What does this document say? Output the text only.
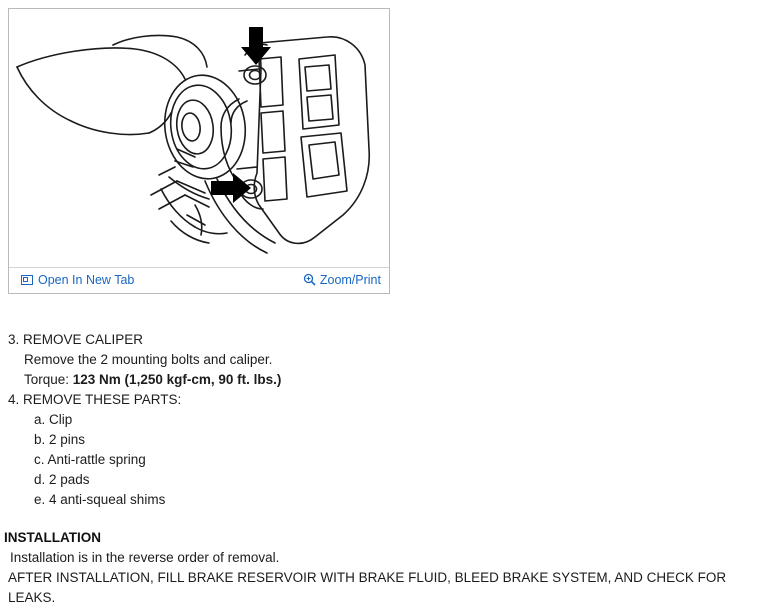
Open In New Tab	Zoom/Print
3. REMOVE CALIPER
Remove the 2 mounting bolts and caliper.
Torque: 123 Nm (1,250 kgf-cm, 90 ft. lbs.)
4. REMOVE THESE PARTS:
a. Clip
b. 2 pins
c. Anti-rattle spring
d. 2 pads
e. 4 anti-squeal shims
INSTALLATION
Installation is in the reverse order of removal.
AFTER INSTALLATION, FILL BRAKE RESERVOIR WITH BRAKE FLUID, BLEED BRAKE SYSTEM, AND CHECK FOR LEAKS.
